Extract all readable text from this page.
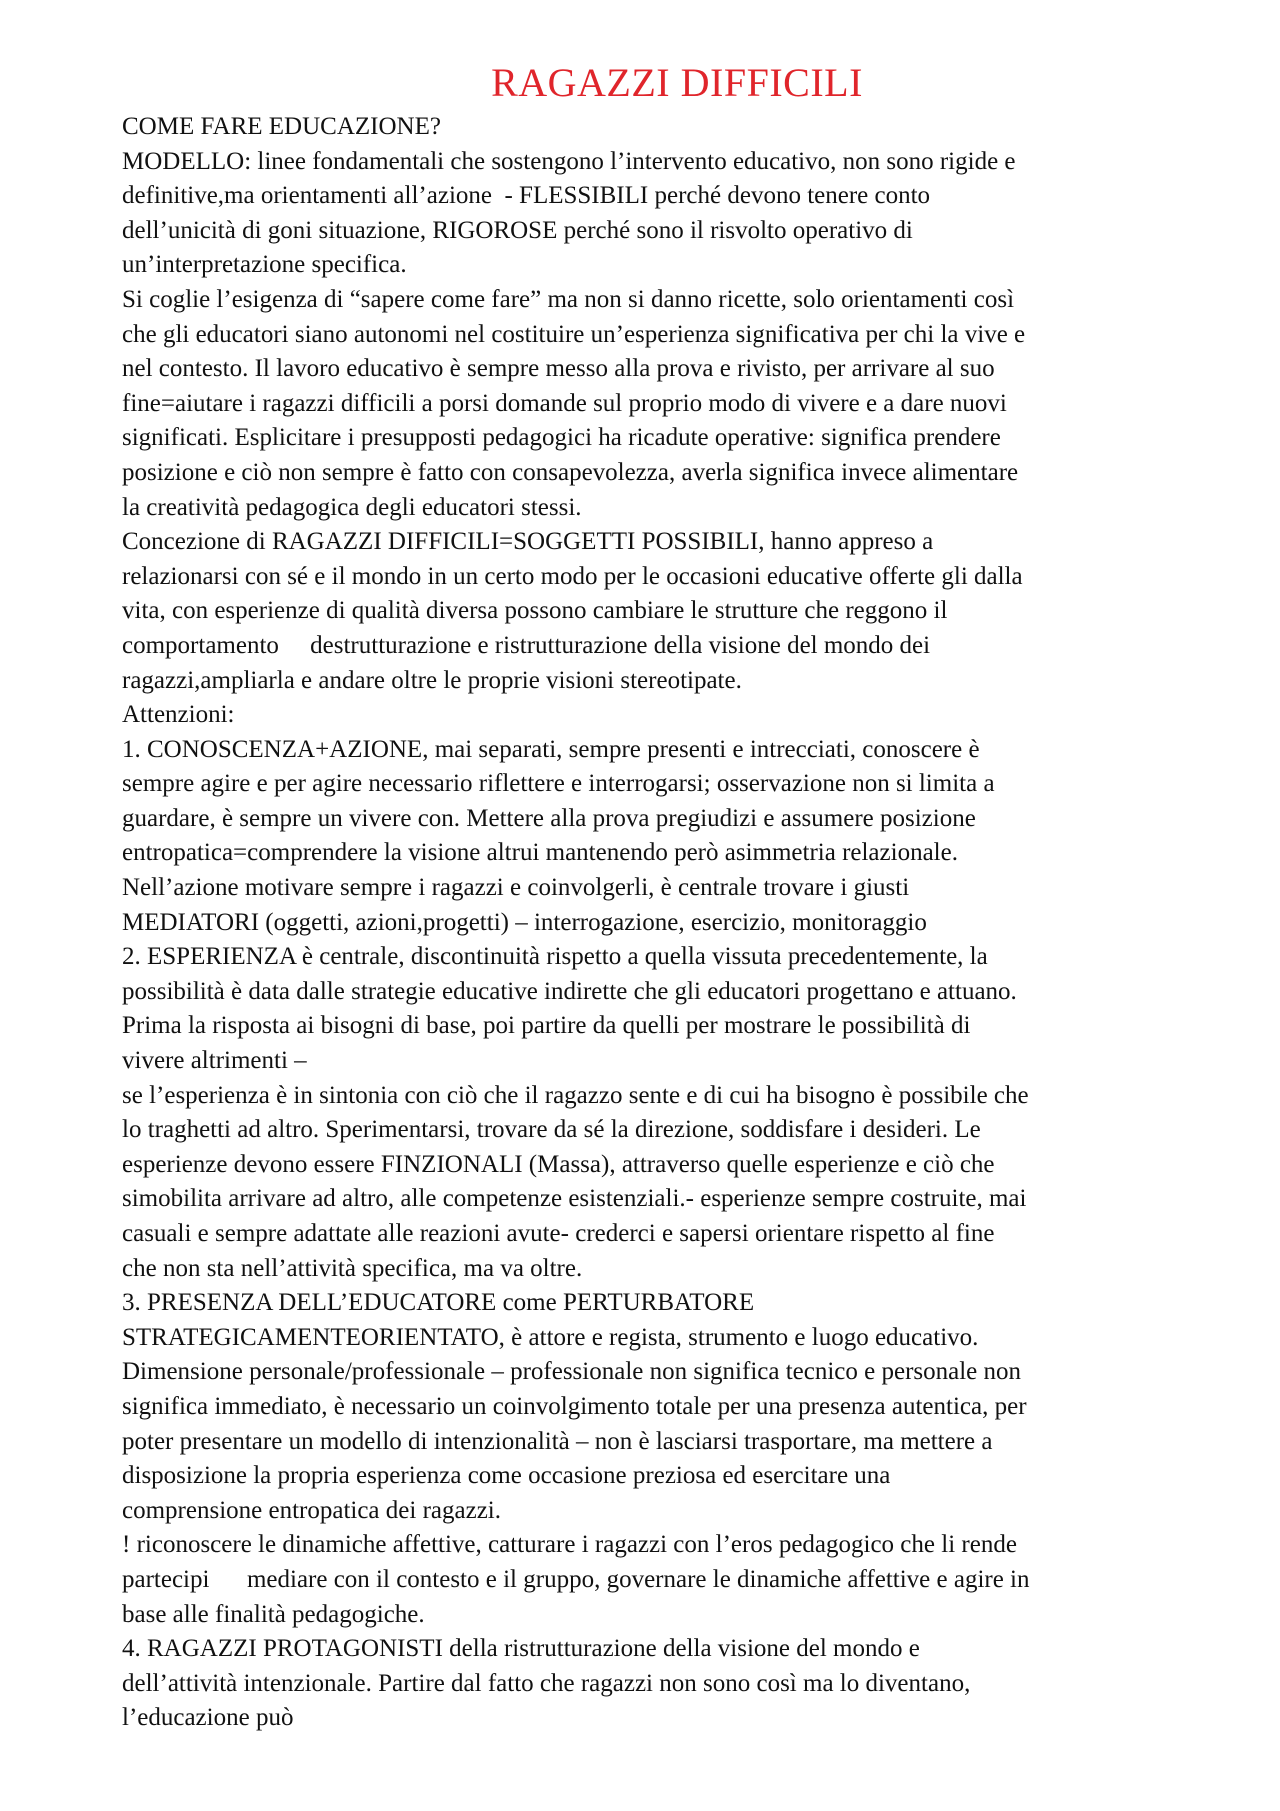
RAGAZZI DIFFICILI

COME FARE EDUCAZIONE?

MODELLO: linee fondamentali che sostengono l’intervento educativo, non sono rigide e

definitive,ma orientamenti all’azione  - FLESSIBILI perché devono tenere conto

dell’unicità di goni situazione, RIGOROSE perché sono il risvolto operativo di

un’interpretazione specifica.

Si coglie l’esigenza di “sapere come fare” ma non si danno ricette, solo orientamenti così

che gli educatori siano autonomi nel costituire un’esperienza significativa per chi la vive e

nel contesto. Il lavoro educativo è sempre messo alla prova e rivisto, per arrivare al suo

fine=aiutare i ragazzi difficili a porsi domande sul proprio modo di vivere e a dare nuovi

significati. Esplicitare i presupposti pedagogici ha ricadute operative: significa prendere

posizione e ciò non sempre è fatto con consapevolezza, averla significa invece alimentare

la creatività pedagogica degli educatori stessi.

Concezione di RAGAZZI DIFFICILI=SOGGETTI POSSIBILI, hanno appreso a

relazionarsi con sé e il mondo in un certo modo per le occasioni educative offerte gli dalla

vita, con esperienze di qualità diversa possono cambiare le strutture che reggono il

comportamento     destrutturazione e ristrutturazione della visione del mondo dei

ragazzi,ampliarla e andare oltre le proprie visioni stereotipate.

Attenzioni:

1. CONOSCENZA+AZIONE, mai separati, sempre presenti e intrecciati, conoscere è

sempre agire e per agire necessario riflettere e interrogarsi; osservazione non si limita a

guardare, è sempre un vivere con. Mettere alla prova pregiudizi e assumere posizione

entropatica=comprendere la visione altrui mantenendo però asimmetria relazionale.

Nell’azione motivare sempre i ragazzi e coinvolgerli, è centrale trovare i giusti

MEDIATORI (oggetti, azioni,progetti) – interrogazione, esercizio, monitoraggio

2. ESPERIENZA è centrale, discontinuità rispetto a quella vissuta precedentemente, la

possibilità è data dalle strategie educative indirette che gli educatori progettano e attuano.

Prima la risposta ai bisogni di base, poi partire da quelli per mostrare le possibilità di

vivere altrimenti –

se l’esperienza è in sintonia con ciò che il ragazzo sente e di cui ha bisogno è possibile che

lo traghetti ad altro. Sperimentarsi, trovare da sé la direzione, soddisfare i desideri. Le

esperienze devono essere FINZIONALI (Massa), attraverso quelle esperienze e ciò che

simobilita arrivare ad altro, alle competenze esistenziali.- esperienze sempre costruite, mai

casuali e sempre adattate alle reazioni avute- crederci e sapersi orientare rispetto al fine

che non sta nell’attività specifica, ma va oltre.

3. PRESENZA DELL’EDUCATORE come PERTURBATORE

STRATEGICAMENTEORIENTATO, è attore e regista, strumento e luogo educativo.

Dimensione personale/professionale – professionale non significa tecnico e personale non

significa immediato, è necessario un coinvolgimento totale per una presenza autentica, per

poter presentare un modello di intenzionalità – non è lasciarsi trasportare, ma mettere a

disposizione la propria esperienza come occasione preziosa ed esercitare una

comprensione entropatica dei ragazzi.

! riconoscere le dinamiche affettive, catturare i ragazzi con l’eros pedagogico che li rende

partecipi      mediare con il contesto e il gruppo, governare le dinamiche affettive e agire in

base alle finalità pedagogiche.

4. RAGAZZI PROTAGONISTI della ristrutturazione della visione del mondo e

dell’attività intenzionale. Partire dal fatto che ragazzi non sono così ma lo diventano,

l’educazione può
